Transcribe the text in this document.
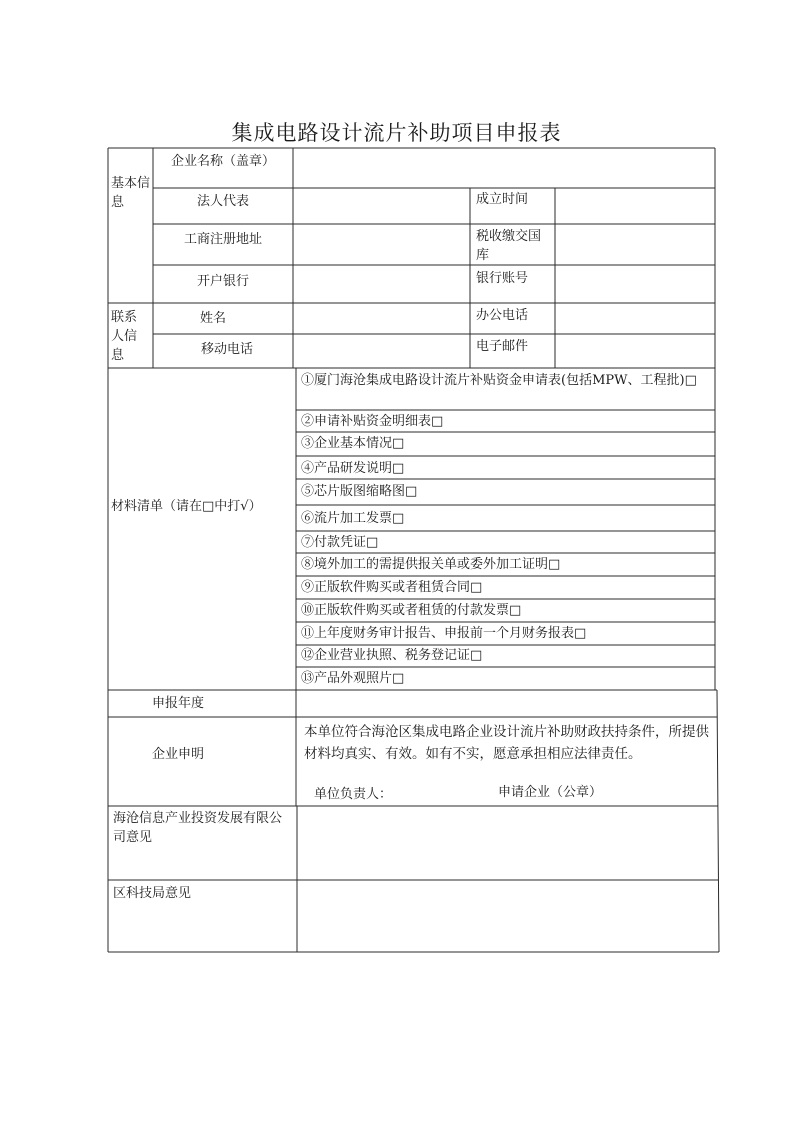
集成电路设计流片补助项目申报表
基本信息
企业名称（盖章）
法人代表	成立时间
工商注册地址	税收缴交国库
开户银行	银行账号
联系人信息
姓名	办公电话
移动电话	电子邮件
材料清单（请在□中打√）
①厦门海沧集成电路设计流片补贴资金申请表(包括MPW、工程批)□
②申请补贴资金明细表□
③企业基本情况□
④产品研发说明□
⑤芯片版图缩略图□
⑥流片加工发票□
⑦付款凭证□
⑧境外加工的需提供报关单或委外加工证明□
⑨正版软件购买或者租赁合同□
⑩正版软件购买或者租赁的付款发票□
⑪上年度财务审计报告、申报前一个月财务报表□
⑫企业营业执照、税务登记证□
⑬产品外观照片□
申报年度
企业申明
本单位符合海沧区集成电路企业设计流片补助财政扶持条件，所提供材料均真实、有效。如有不实，愿意承担相应法律责任。
单位负责人：	申请企业（公章）
海沧信息产业投资发展有限公司意见
区科技局意见
